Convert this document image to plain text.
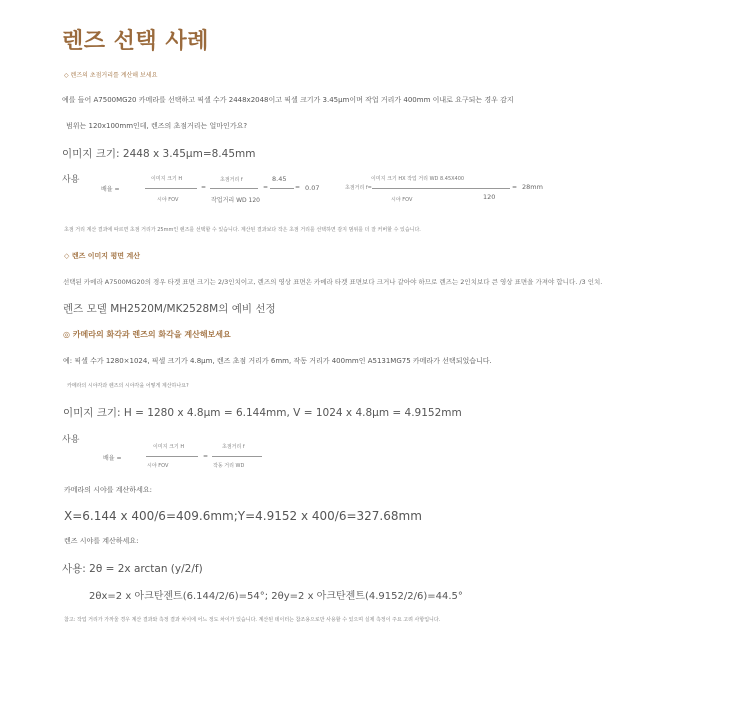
렌즈 선택 사례
◇ 렌즈의 초점거리를 계산해 보세요
예를 들어 A7500MG20 카메라를 선택하고 픽셀 수가 2448x2048이고 픽셀 크기가 3.45μm이며 작업 거리가 400mm 이내로 요구되는 경우 감지
범위는 120x100mm인데, 렌즈의 초점거리는 얼마인가요?
이미지 크기: 2448 x 3.45μm=8.45mm
사용
배율 =
이미지 크기 H
시야 FOV
=
초점거리 f
작업거리 WD 120
=
8.45
= 0.07	초점거리 f=
이미지 크기 HX 작업 거리 WD 8.45X400
시야 FOV	120
= 28mm
초점 거리 계산 결과에 따르면 초점 거리가 25mm인 렌즈를 선택할 수 있습니다. 계산된 결과보다 작은 초점 거리를 선택하면 감지 범위를 더 잘 커버할 수 있습니다.
◇ 렌즈 이미지 평면 계산
선택된 카메라 A7500MG20의 경우 타겟 표면 크기는 2/3인치이고, 렌즈의 영상 표면은 카메라 타겟 표면보다 크거나 같아야 하므로 렌즈는 2인치보다 큰 영상 표면을 가져야 합니다. /3 인치.
렌즈 모델 MH2520M/MK2528M의 예비 선정
◎ 카메라의 화각과 렌즈의 화각을 계산해보세요
예: 픽셀 수가 1280×1024, 픽셀 크기가 4.8μm, 렌즈 초점 거리가 6mm, 작동 거리가 400mm인 A5131MG75 카메라가 선택되었습니다.
카메라의 시야각과 렌즈의 시야각을 어떻게 계산하나요?
이미지 크기: H = 1280 x 4.8μm = 6.144mm, V = 1024 x 4.8μm = 4.9152mm
사용
배율 =
이미지 크기 H
시야 FOV
=
초점거리 f
작동 거리 WD
카메라의 시야를 계산하세요:
X=6.144 x 400/6=409.6mm;Y=4.9152 x 400/6=327.68mm
렌즈 시야를 계산하세요:
사용: 2θ = 2x arctan (y/2/f)
2θx=2 x 아크탄젠트(6.144/2/6)=54°; 2θy=2 x 아크탄젠트(4.9152/2/6)=44.5°
참고: 작업 거리가 가까울 경우 계산 결과와 측정 결과 차이에 어느 정도 차이가 있습니다. 계산된 데이터는 참조용으로만 사용할 수 있으며 실제 측정이 주요 고려 사항입니다.
